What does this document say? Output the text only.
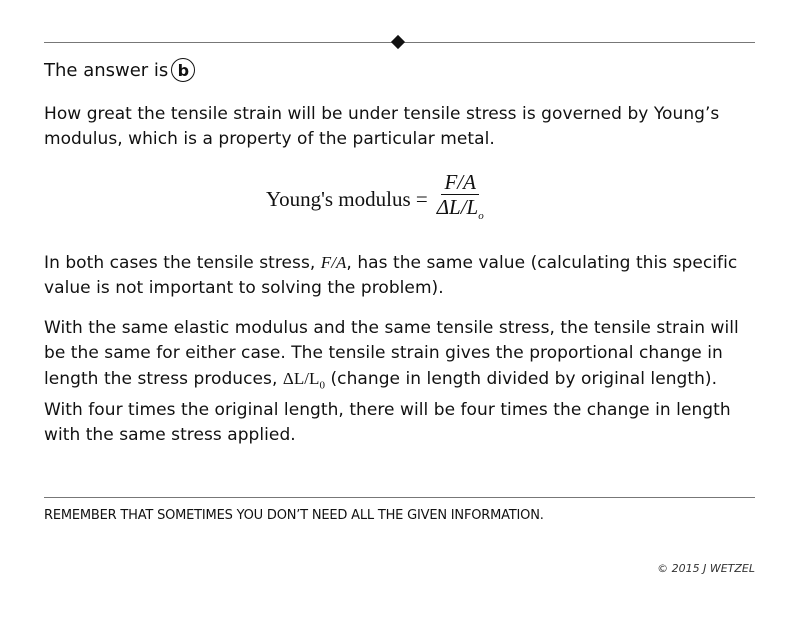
The answer is b
How great the tensile strain will be under tensile stress is governed by Young’s modulus, which is a property of the particular metal.
Young's modulus = $\frac{F/A}{\Delta L/L_o}$
In both cases the tensile stress, F/A, has the same value (calculating this specific value is not important to solving the problem).
With the same elastic modulus and the same tensile stress, the tensile strain will be the same for either case. The tensile strain gives the proportional change in length the stress produces, $\Delta L/L_0$ (change in length divided by original length). With four times the original length, there will be four times the change in length with the same stress applied.
REMEMBER THAT SOMETIMES YOU DON’T NEED ALL THE GIVEN INFORMATION.
© 2015 J WETZEL
